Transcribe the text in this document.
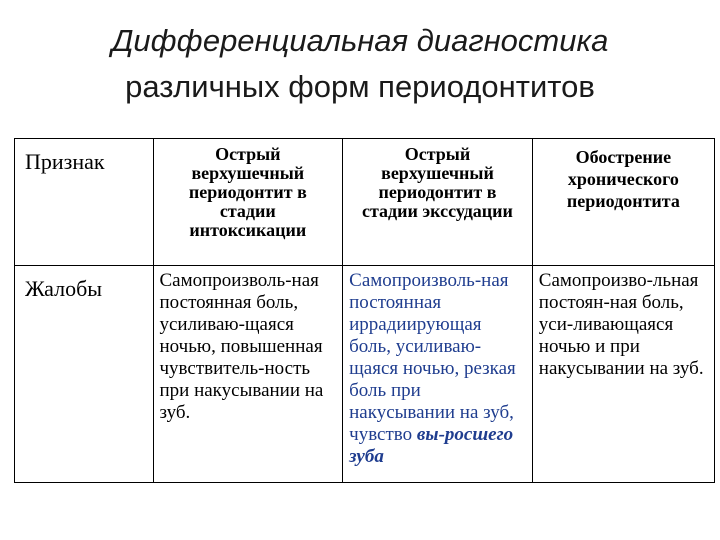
Дифференциальная диагностика
различных форм периодонтитов
Признак	Острый верхушечный периодонтит в стадии интоксикации	Острый верхушечный периодонтит в стадии экссудации	Обострение хронического периодонтита
Жалобы	Самопроизволь-ная постоянная боль, усиливаю-щаяся ночью, повышенная чувствитель-ность при накусывании на зуб.	Самопроизволь-ная постоянная иррадиирующая боль, усиливаю-щаяся ночью, резкая боль при накусывании на зуб, чувство вы-росшего зуба	Самопроизво-льная постоян-ная боль, уси-ливающаяся ночью и при накусывании на зуб.
